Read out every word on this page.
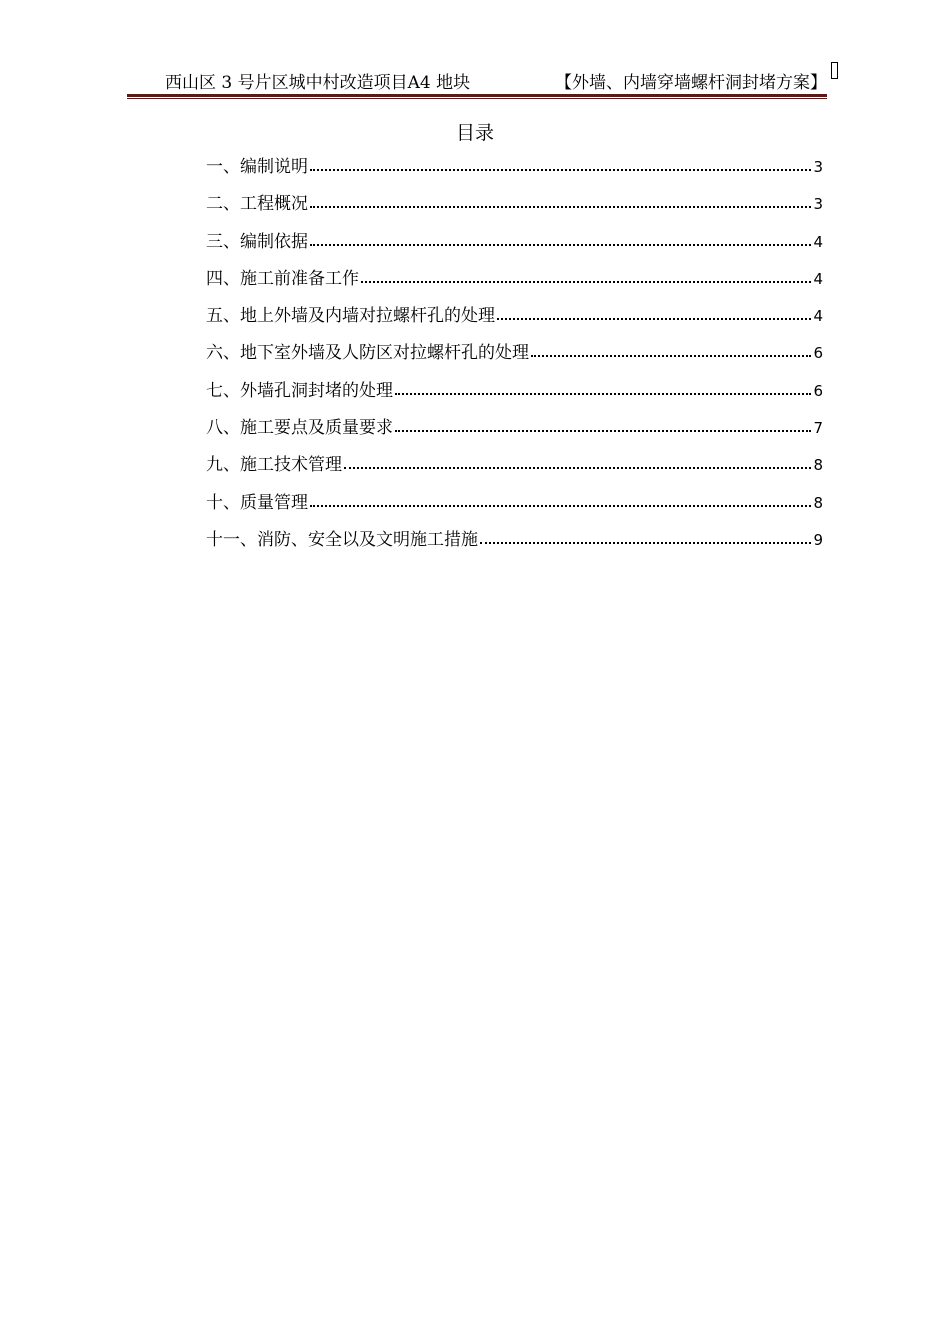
西山区 3 号片区城中村改造项目A4 地块	【外墙、内墙穿墙螺杆洞封堵方案】
目录
一、编制说明	3
二、工程概况	3
三、编制依据	4
四、施工前准备工作	4
五、地上外墙及内墙对拉螺杆孔的处理	4
六、地下室外墙及人防区对拉螺杆孔的处理	6
七、外墙孔洞封堵的处理	6
八、施工要点及质量要求	7
九、施工技术管理	8
十、质量管理	8
十一、消防、安全以及文明施工措施	9
